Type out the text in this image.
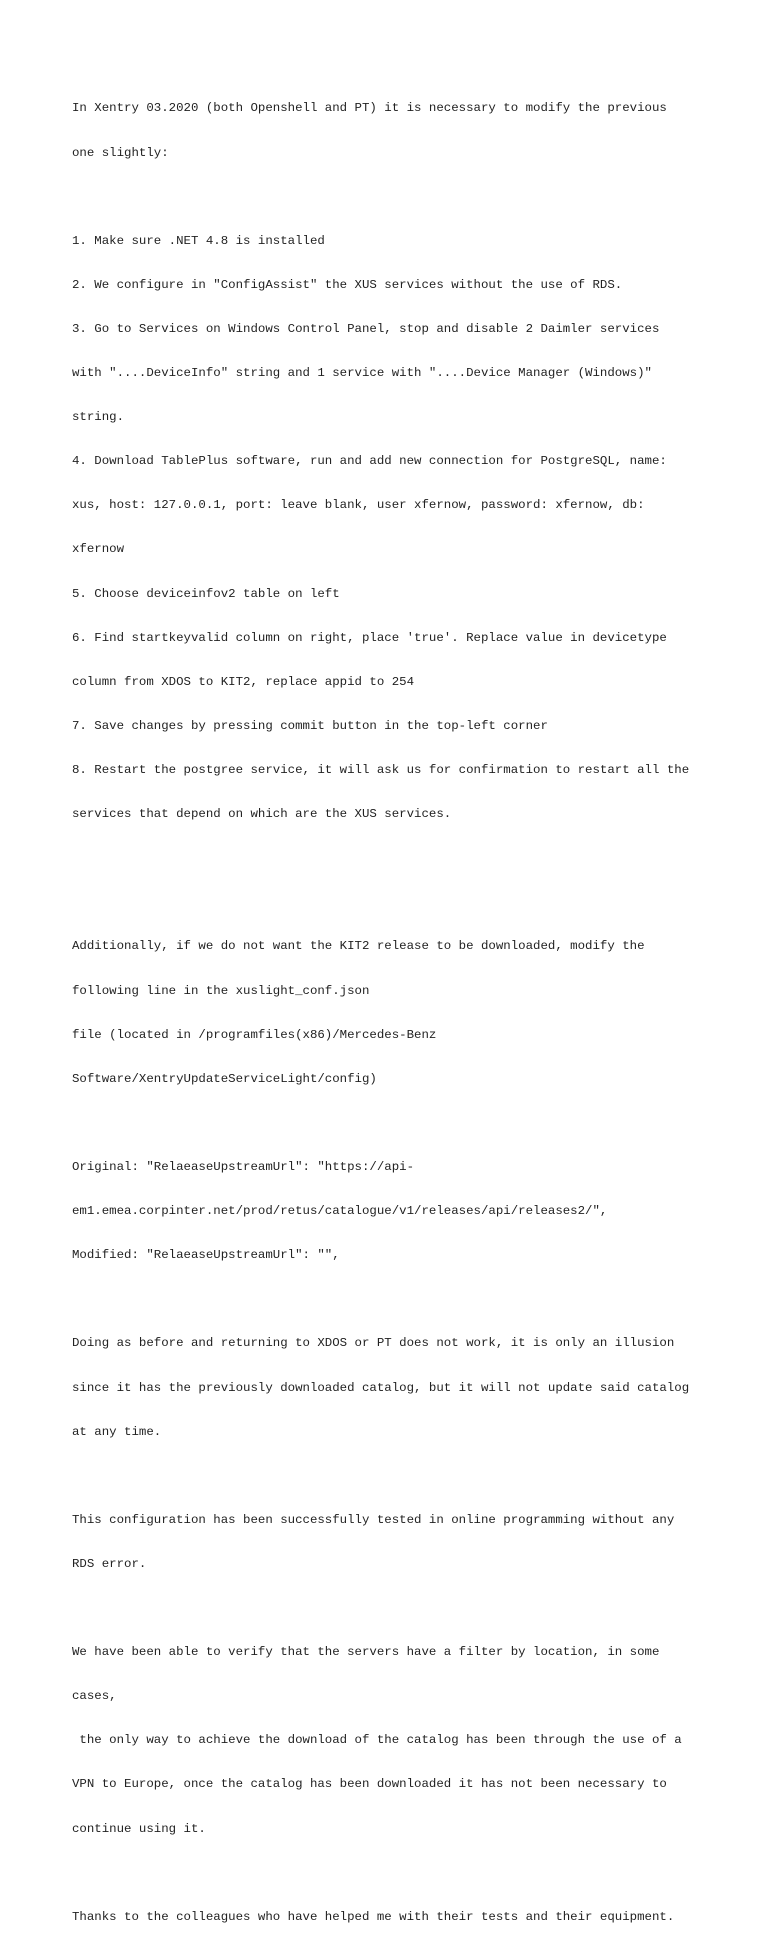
In Xentry 03.2020 (both Openshell and PT) it is necessary to modify the previous

one slightly:

1. Make sure .NET 4.8 is installed

2. We configure in "ConfigAssist" the XUS services without the use of RDS.

3. Go to Services on Windows Control Panel, stop and disable 2 Daimler services

with "....DeviceInfo" string and 1 service with "....Device Manager (Windows)"

string.

4. Download TablePlus software, run and add new connection for PostgreSQL, name:

xus, host: 127.0.0.1, port: leave blank, user xfernow, password: xfernow, db:

xfernow

5. Choose deviceinfov2 table on left

6. Find startkeyvalid column on right, place 'true'. Replace value in devicetype

column from XDOS to KIT2, replace appid to 254

7. Save changes by pressing commit button in the top-left corner

8. Restart the postgree service, it will ask us for confirmation to restart all the

services that depend on which are the XUS services.

Additionally, if we do not want the KIT2 release to be downloaded, modify the

following line in the xuslight_conf.json

file (located in /programfiles(x86)/Mercedes-Benz

Software/XentryUpdateServiceLight/config)

Original: "RelaeaseUpstreamUrl": "https://api-

em1.emea.corpinter.net/prod/retus/catalogue/v1/releases/api/releases2/",

Modified: "RelaeaseUpstreamUrl": "",

Doing as before and returning to XDOS or PT does not work, it is only an illusion

since it has the previously downloaded catalog, but it will not update said catalog

at any time.

This configuration has been successfully tested in online programming without any

RDS error.

We have been able to verify that the servers have a filter by location, in some

cases,

the only way to achieve the download of the catalog has been through the use of a

VPN to Europe, once the catalog has been downloaded it has not been necessary to

continue using it.

Thanks to the colleagues who have helped me with their tests and their equipment.
